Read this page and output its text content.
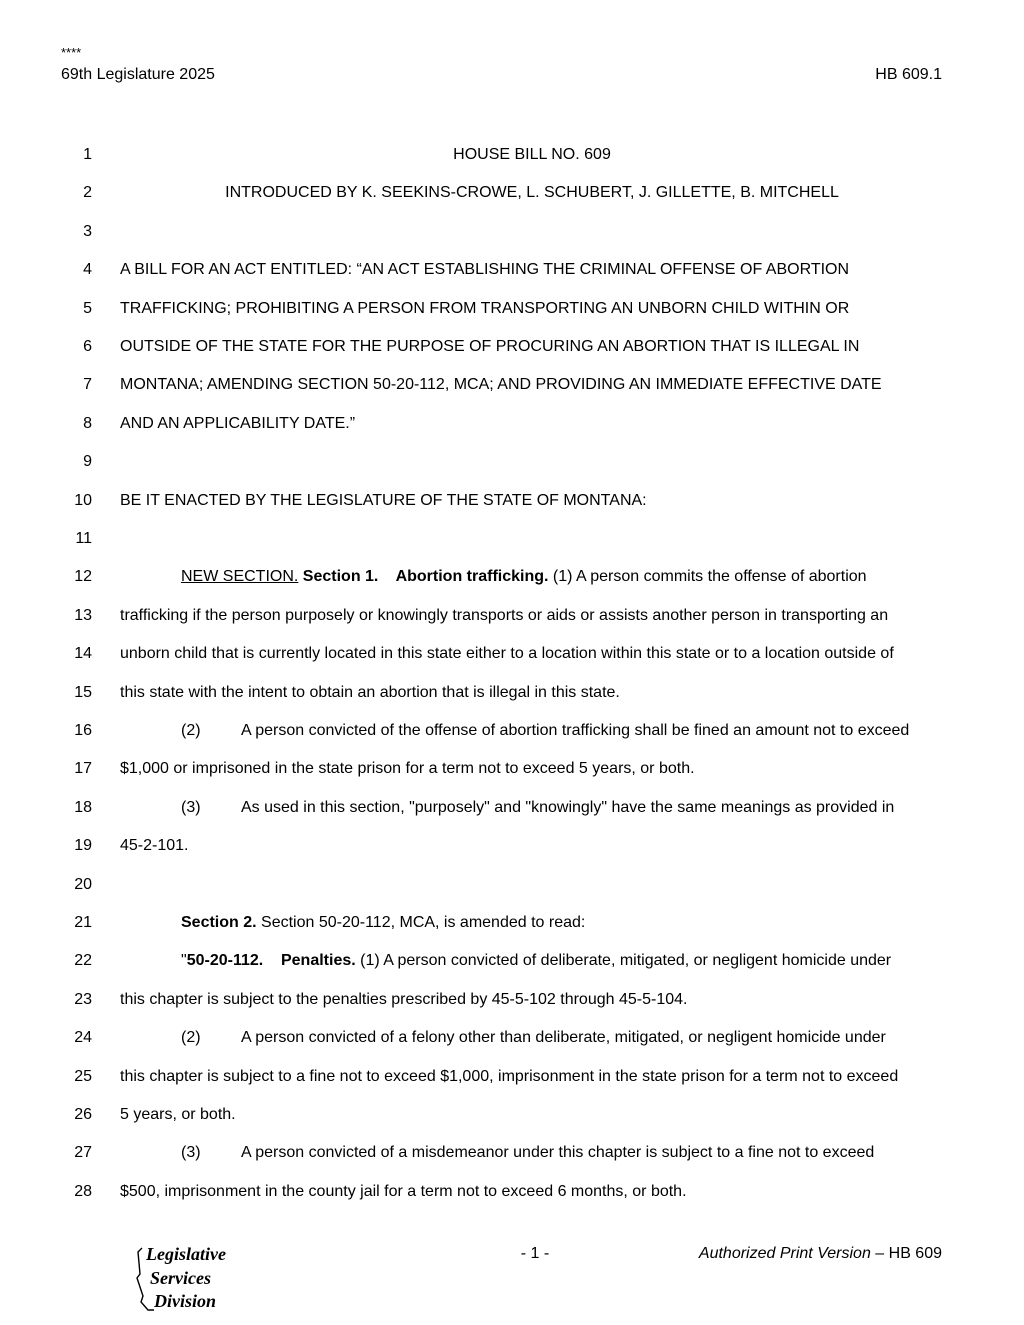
****
69th Legislature 2025	HB 609.1
1	HOUSE BILL NO. 609
2	INTRODUCED BY K. SEEKINS-CROWE, L. SCHUBERT, J. GILLETTE, B. MITCHELL
3
4 A BILL FOR AN ACT ENTITLED: “AN ACT ESTABLISHING THE CRIMINAL OFFENSE OF ABORTION
5 TRAFFICKING; PROHIBITING A PERSON FROM TRANSPORTING AN UNBORN CHILD WITHIN OR
6 OUTSIDE OF THE STATE FOR THE PURPOSE OF PROCURING AN ABORTION THAT IS ILLEGAL IN
7 MONTANA; AMENDING SECTION 50-20-112, MCA; AND PROVIDING AN IMMEDIATE EFFECTIVE DATE
8 AND AN APPLICABILITY DATE.”
9
10 BE IT ENACTED BY THE LEGISLATURE OF THE STATE OF MONTANA:
11
12	NEW SECTION. Section 1.    Abortion trafficking. (1) A person commits the offense of abortion
13 trafficking if the person purposely or knowingly transports or aids or assists another person in transporting an
14 unborn child that is currently located in this state either to a location within this state or to a location outside of
15 this state with the intent to obtain an abortion that is illegal in this state.
16	(2)	A person convicted of the offense of abortion trafficking shall be fined an amount not to exceed
17 $1,000 or imprisoned in the state prison for a term not to exceed 5 years, or both.
18	(3)	As used in this section, "purposely" and "knowingly" have the same meanings as provided in
19 45-2-101.
20
21	Section 2. Section 50-20-112, MCA, is amended to read:
22	"50-20-112.    Penalties. (1) A person convicted of deliberate, mitigated, or negligent homicide under
23 this chapter is subject to the penalties prescribed by 45-5-102 through 45-5-104.
24	(2)	A person convicted of a felony other than deliberate, mitigated, or negligent homicide under
25 this chapter is subject to a fine not to exceed $1,000, imprisonment in the state prison for a term not to exceed
26 5 years, or both.
27	(3)	A person convicted of a misdemeanor under this chapter is subject to a fine not to exceed
28 $500, imprisonment in the county jail for a term not to exceed 6 months, or both.
Legislative
Services
Division
- 1 -	Authorized Print Version – HB 609
